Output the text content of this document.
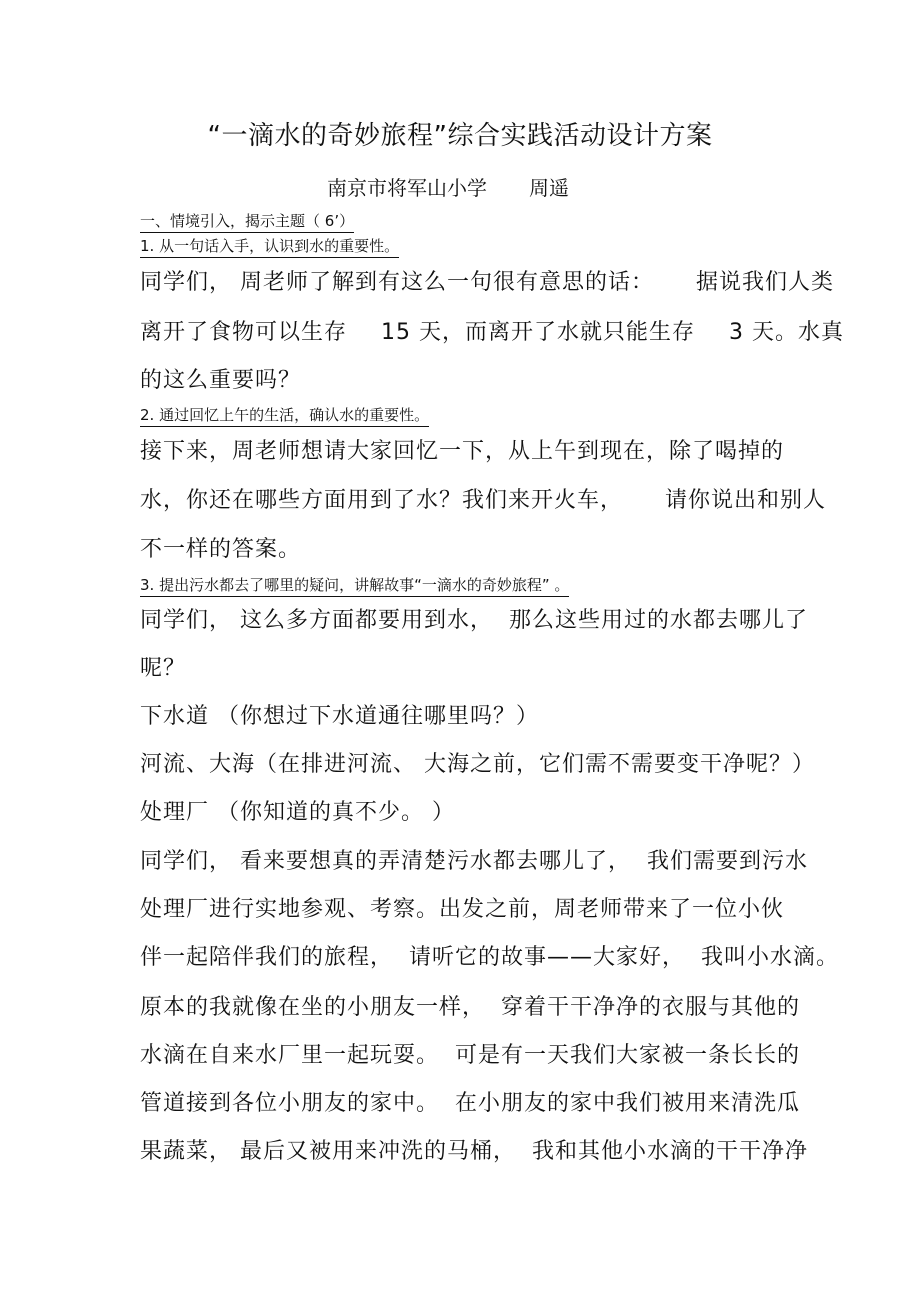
“一滴水的奇妙旅程”综合实践活动设计方案
南京市将军山小学 周遥
一、情境引入，揭示主题（ 6’）
1. 从一句话入手，认识到水的重要性。
同学们， 周老师了解到有这么一句很有意思的话： 据说我们人类
离开了食物可以生存 15 天，而离开了水就只能生存 3 天。水真
的这么重要吗？
2. 通过回忆上午的生活，确认水的重要性。
接下来，周老师想请大家回忆一下，从上午到现在，除了喝掉的
水，你还在哪些方面用到了水？我们来开火车， 请你说出和别人
不一样的答案。
3. 提出污水都去了哪里的疑问，讲解故事“一滴水的奇妙旅程” 。
同学们， 这么多方面都要用到水， 那么这些用过的水都去哪儿了
呢？
下水道 （你想过下水道通往哪里吗？）
河流、大海（在排进河流、 大海之前，它们需不需要变干净呢？）
处理厂 （你知道的真不少。 ）
同学们， 看来要想真的弄清楚污水都去哪儿了， 我们需要到污水
处理厂进行实地参观、考察。出发之前，周老师带来了一位小伙
伴一起陪伴我们的旅程， 请听它的故事——大家好， 我叫小水滴。
原本的我就像在坐的小朋友一样， 穿着干干净净的衣服与其他的
水滴在自来水厂里一起玩耍。 可是有一天我们大家被一条长长的
管道接到各位小朋友的家中。 在小朋友的家中我们被用来清洗瓜
果蔬菜， 最后又被用来冲洗的马桶， 我和其他小水滴的干干净净
